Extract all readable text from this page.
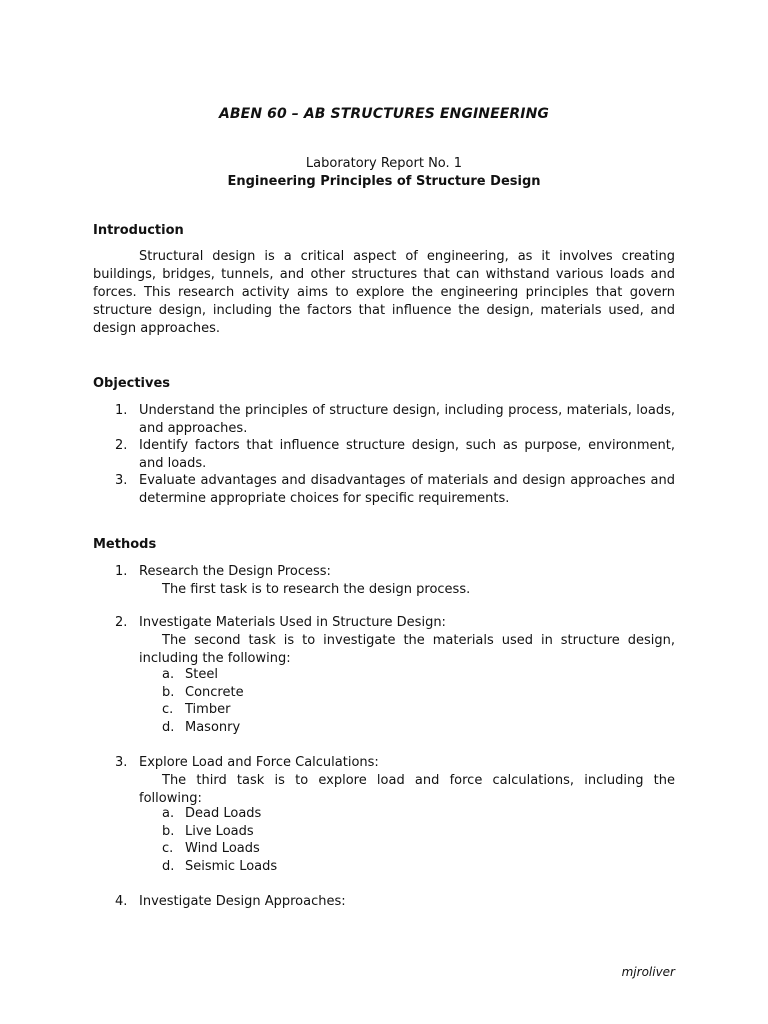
ABEN 60 – AB STRUCTURES ENGINEERING

Laboratory Report No. 1

Engineering Principles of Structure Design

Introduction

Structural design is a critical aspect of engineering, as it involves creating buildings, bridges, tunnels, and other structures that can withstand various loads and forces. This research activity aims to explore the engineering principles that govern structure design, including the factors that influence the design, materials used, and design approaches.

Objectives

1. Understand the principles of structure design, including process, materials, loads, and approaches.
2. Identify factors that influence structure design, such as purpose, environment, and loads.
3. Evaluate advantages and disadvantages of materials and design approaches and determine appropriate choices for specific requirements.

Methods

1. Research the Design Process:

The first task is to research the design process.

2. Investigate Materials Used in Structure Design:

The second task is to investigate the materials used in structure design, including the following:

a. Steel
b. Concrete
c. Timber
d. Masonry
3. Explore Load and Force Calculations:

The third task is to explore load and force calculations, including the following:

a. Dead Loads
b. Live Loads
c. Wind Loads
d. Seismic Loads
4. Investigate Design Approaches:

mjroliver
